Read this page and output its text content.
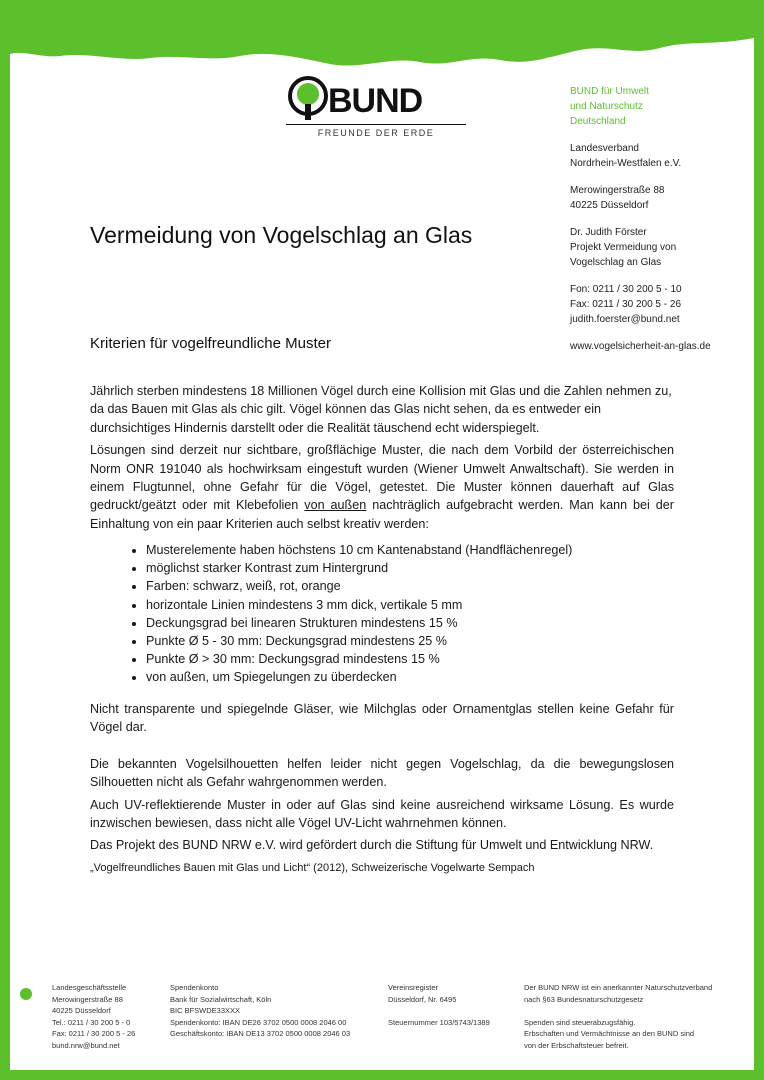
BUND
FREUNDE DER ERDE
BUND für Umwelt
und Naturschutz
Deutschland
Landesverband
Nordrhein-Westfalen e.V.
Merowingerstraße 88
40225 Düsseldorf
Dr. Judith Förster
Projekt Vermeidung von
Vogelschlag an Glas
Fon: 0211 / 30 200 5 - 10
Fax: 0211 / 30 200 5 - 26
judith.foerster@bund.net
www.vogelsicherheit-an-glas.de
Vermeidung von Vogelschlag an Glas
Kriterien für vogelfreundliche Muster

Jährlich sterben mindestens 18 Millionen Vögel durch eine Kollision mit Glas und die Zahlen nehmen zu, da das Bauen mit Glas als chic gilt. Vögel können das Glas nicht sehen, da es entweder ein durchsichtiges Hindernis darstellt oder die Realität täuschend echt widerspiegelt.

Lösungen sind derzeit nur sichtbare, großflächige Muster, die nach dem Vorbild der österreichischen Norm ONR 191040 als hochwirksam eingestuft wurden (Wiener Umwelt Anwaltschaft). Sie werden in einem Flugtunnel, ohne Gefahr für die Vögel, getestet. Die Muster können dauerhaft auf Glas gedruckt/geätzt oder mit Klebefolien von außen nachträglich aufgebracht werden. Man kann bei der Einhaltung von ein paar Kriterien auch selbst kreativ werden:

• Musterelemente haben höchstens 10 cm Kantenabstand (Handflächenregel)
• möglichst starker Kontrast zum Hintergrund
• Farben: schwarz, weiß, rot, orange
• horizontale Linien mindestens 3 mm dick, vertikale 5 mm
• Deckungsgrad bei linearen Strukturen mindestens 15 %
• Punkte Ø 5 - 30 mm: Deckungsgrad mindestens 25 %
• Punkte Ø > 30 mm: Deckungsgrad mindestens 15 %
• von außen, um Spiegelungen zu überdecken

Nicht transparente und spiegelnde Gläser, wie Milchglas oder Ornamentglas stellen keine Gefahr für Vögel dar.

Die bekannten Vogelsilhouetten helfen leider nicht gegen Vogelschlag, da die bewegungslosen Silhouetten nicht als Gefahr wahrgenommen werden.

Auch UV-reflektierende Muster in oder auf Glas sind keine ausreichend wirksame Lösung. Es wurde inzwischen bewiesen, dass nicht alle Vögel UV-Licht wahrnehmen können.

Das Projekt des BUND NRW e.V. wird gefördert durch die Stiftung für Umwelt und Entwicklung NRW.

„Vogelfreundliches Bauen mit Glas und Licht“ (2012), Schweizerische Vogelwarte Sempach
Landesgeschäftsstelle
Merowingerstraße 88
40225 Düsseldorf
Tel.: 0211 / 30 200 5 - 0
Fax: 0211 / 30 200 5 - 26
bund.nrw@bund.net
Spendenkonto
Bank für Sozialwirtschaft, Köln
BIC BFSWDE33XXX
Spendenkonto: IBAN DE26 3702 0500 0008 2046 00
Geschäftskonto: IBAN DE13 3702 0500 0008 2046 03
Vereinsregister
Düsseldorf, Nr. 6495

Steuernummer 103/5743/1389
Der BUND NRW ist ein anerkannter Naturschutzverband
nach §63 Bundesnaturschutzgesetz

Spenden sind steuerabzugsfähig.
Erbschaften und Vermächtnisse an den BUND sind
von der Erbschaftsteuer befreit.
